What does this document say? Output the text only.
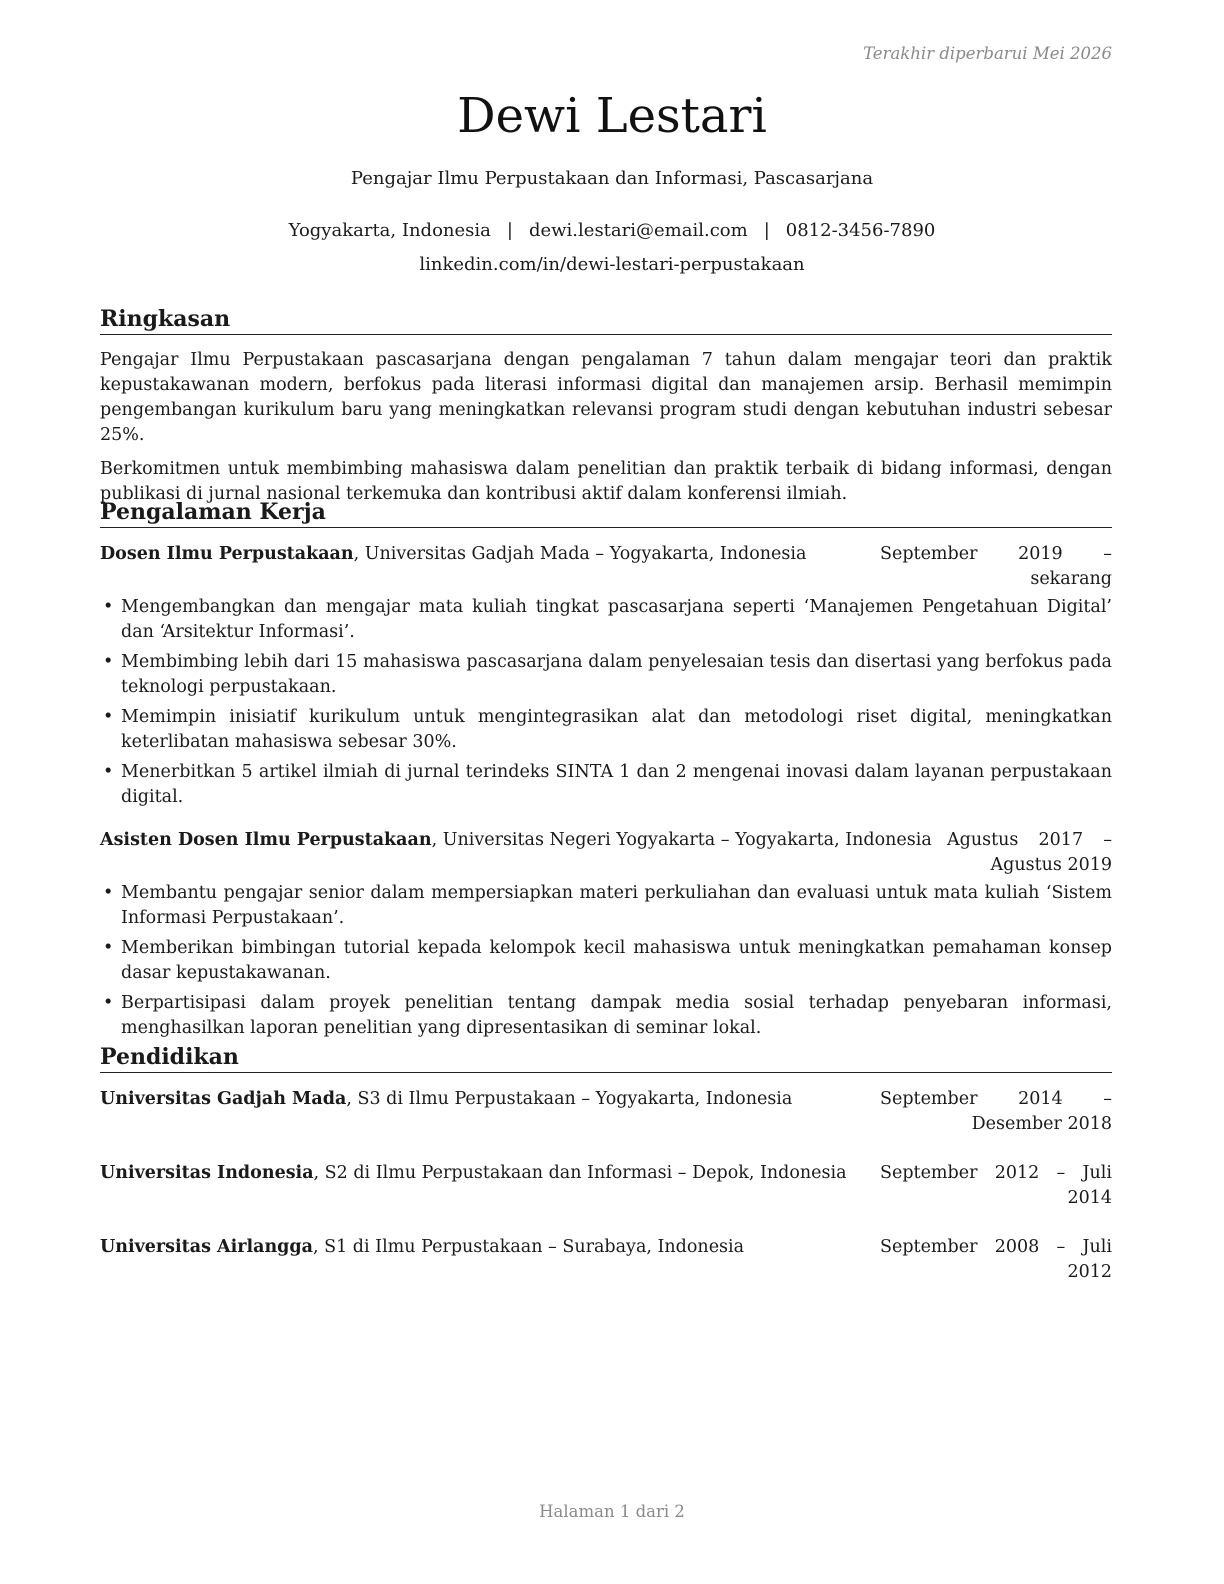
Terakhir diperbarui Mei 2026
Dewi Lestari
Pengajar Ilmu Perpustakaan dan Informasi, Pascasarjana
Yogyakarta, Indonesia | dewi.lestari@email.com | 0812-3456-7890
linkedin.com/in/dewi-lestari-perpustakaan
Ringkasan

Pengajar Ilmu Perpustakaan pascasarjana dengan pengalaman 7 tahun dalam mengajar teori dan praktik kepustakawanan modern, berfokus pada literasi informasi digital dan manajemen arsip. Berhasil memimpin pengembangan kurikulum baru yang meningkatkan relevansi program studi dengan kebutuhan industri sebesar 25%.

Berkomitmen untuk membimbing mahasiswa dalam penelitian dan praktik terbaik di bidang informasi, dengan publikasi di jurnal nasional terkemuka dan kontribusi aktif dalam konferensi ilmiah.

Pengalaman Kerja
Dosen Ilmu Perpustakaan, Universitas Gadjah Mada – Yogyakarta, Indonesia	September 2019 – sekarang
• Mengembangkan dan mengajar mata kuliah tingkat pascasarjana seperti ‘Manajemen Pengetahuan Digital’ dan ‘Arsitektur Informasi’.
• Membimbing lebih dari 15 mahasiswa pascasarjana dalam penyelesaian tesis dan disertasi yang berfokus pada teknologi perpustakaan.
• Memimpin inisiatif kurikulum untuk mengintegrasikan alat dan metodologi riset digital, meningkatkan keterlibatan mahasiswa sebesar 30%.
• Menerbitkan 5 artikel ilmiah di jurnal terindeks SINTA 1 dan 2 mengenai inovasi dalam layanan perpustakaan digital.
Asisten Dosen Ilmu Perpustakaan, Universitas Negeri Yogyakarta – Yogyakarta, Indonesia Agustus 2017 – Agustus 2019
• Membantu pengajar senior dalam mempersiapkan materi perkuliahan dan evaluasi untuk mata kuliah ‘Sistem Informasi Perpustakaan’.
• Memberikan bimbingan tutorial kepada kelompok kecil mahasiswa untuk meningkatkan pemahaman konsep dasar kepustakawanan.
• Berpartisipasi dalam proyek penelitian tentang dampak media sosial terhadap penyebaran informasi, menghasilkan laporan penelitian yang dipresentasikan di seminar lokal.
Pendidikan
Universitas Gadjah Mada, S3 di Ilmu Perpustakaan – Yogyakarta, Indonesia	September 2014 – Desember 2018
Universitas Indonesia, S2 di Ilmu Perpustakaan dan Informasi – Depok, Indonesia September 2012 – Juli 2014
Universitas Airlangga, S1 di Ilmu Perpustakaan – Surabaya, Indonesia	September 2008 – Juli 2012
Halaman 1 dari 2
